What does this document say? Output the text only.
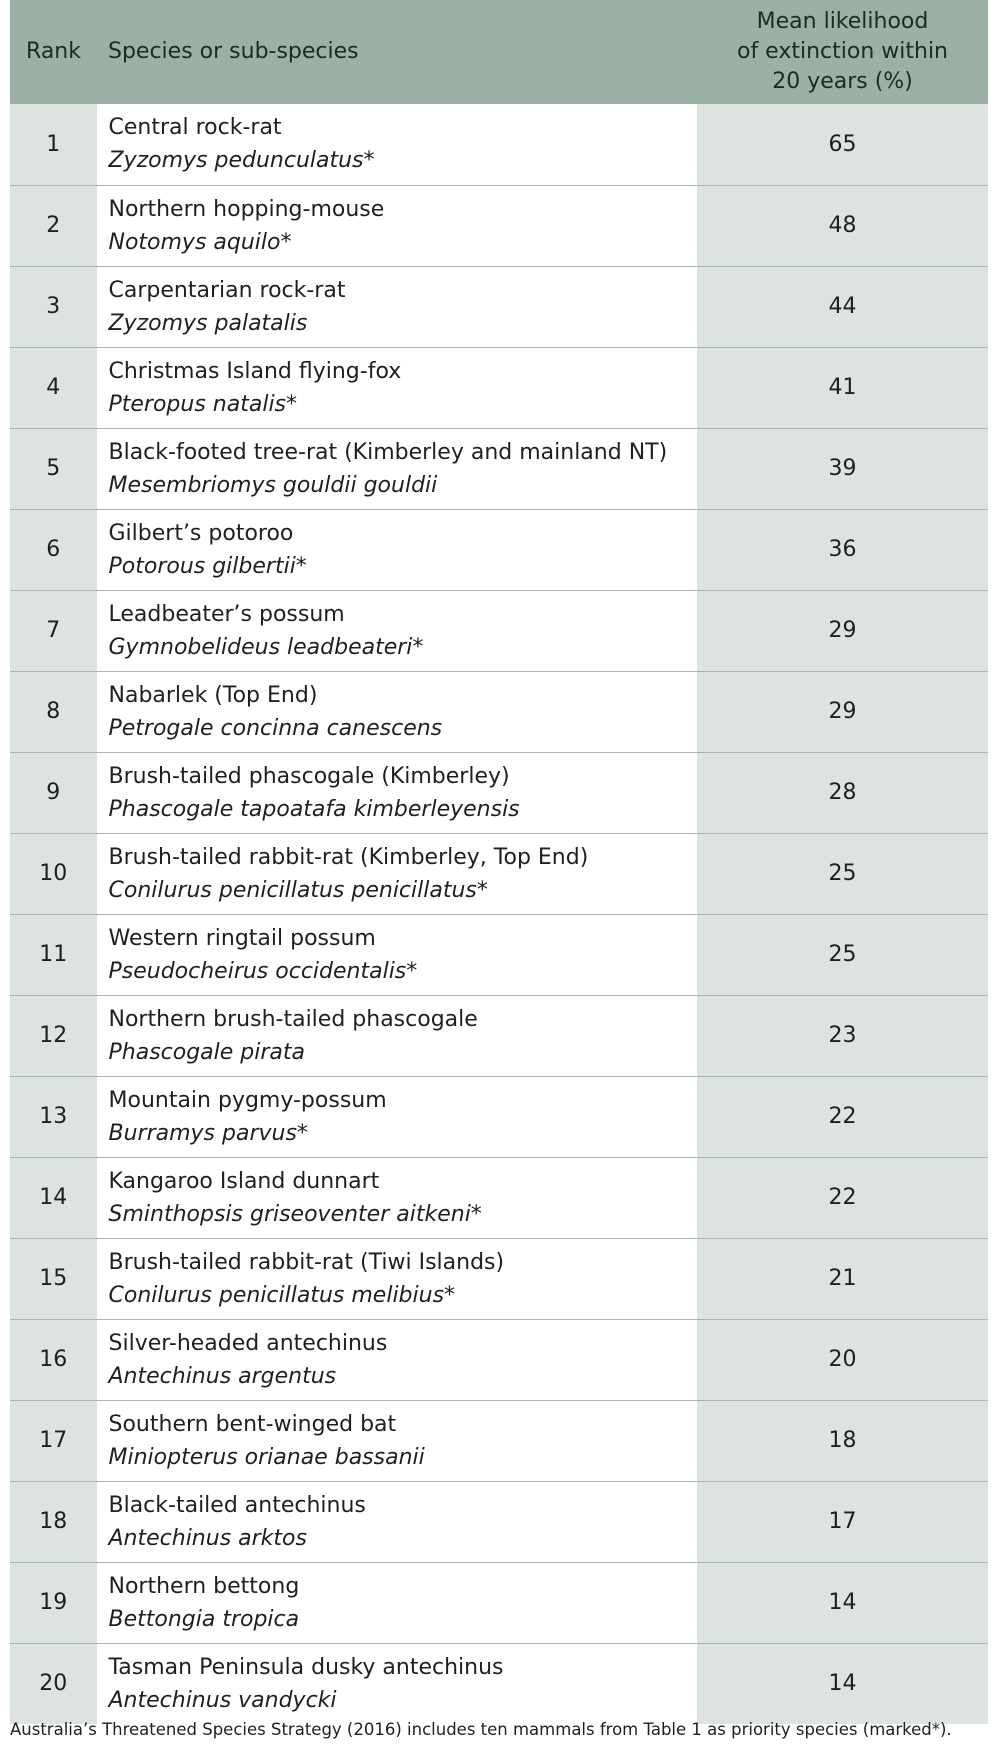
Rank	Species or sub-species	Mean likelihood
of extinction within
20 years (%)

1	Central rock-rat
Zyzomys pedunculatus*	65
2	Northern hopping-mouse
Notomys aquilo*	48
3	Carpentarian rock-rat
Zyzomys palatalis	44
4	Christmas Island flying-fox
Pteropus natalis*	41
5	Black-footed tree-rat (Kimberley and mainland NT)
Mesembriomys gouldii gouldii	39
6	Gilbert’s potoroo
Potorous gilbertii*	36
7	Leadbeater’s possum
Gymnobelideus leadbeateri*	29
8	Nabarlek (Top End)
Petrogale concinna canescens	29
9	Brush-tailed phascogale (Kimberley)
Phascogale tapoatafa kimberleyensis	28
10	Brush-tailed rabbit-rat (Kimberley, Top End)
Conilurus penicillatus penicillatus*	25
11	Western ringtail possum
Pseudocheirus occidentalis*	25
12	Northern brush-tailed phascogale
Phascogale pirata	23
13	Mountain pygmy-possum
Burramys parvus*	22
14	Kangaroo Island dunnart
Sminthopsis griseoventer aitkeni*	22
15	Brush-tailed rabbit-rat (Tiwi Islands)
Conilurus penicillatus melibius*	21
16	Silver-headed antechinus
Antechinus argentus	20
17	Southern bent-winged bat
Miniopterus orianae bassanii	18
18	Black-tailed antechinus
Antechinus arktos	17
19	Northern bettong
Bettongia tropica	14
20	Tasman Peninsula dusky antechinus
Antechinus vandycki	14
Australia’s Threatened Species Strategy (2016) includes ten mammals from Table 1 as priority species (marked*).
